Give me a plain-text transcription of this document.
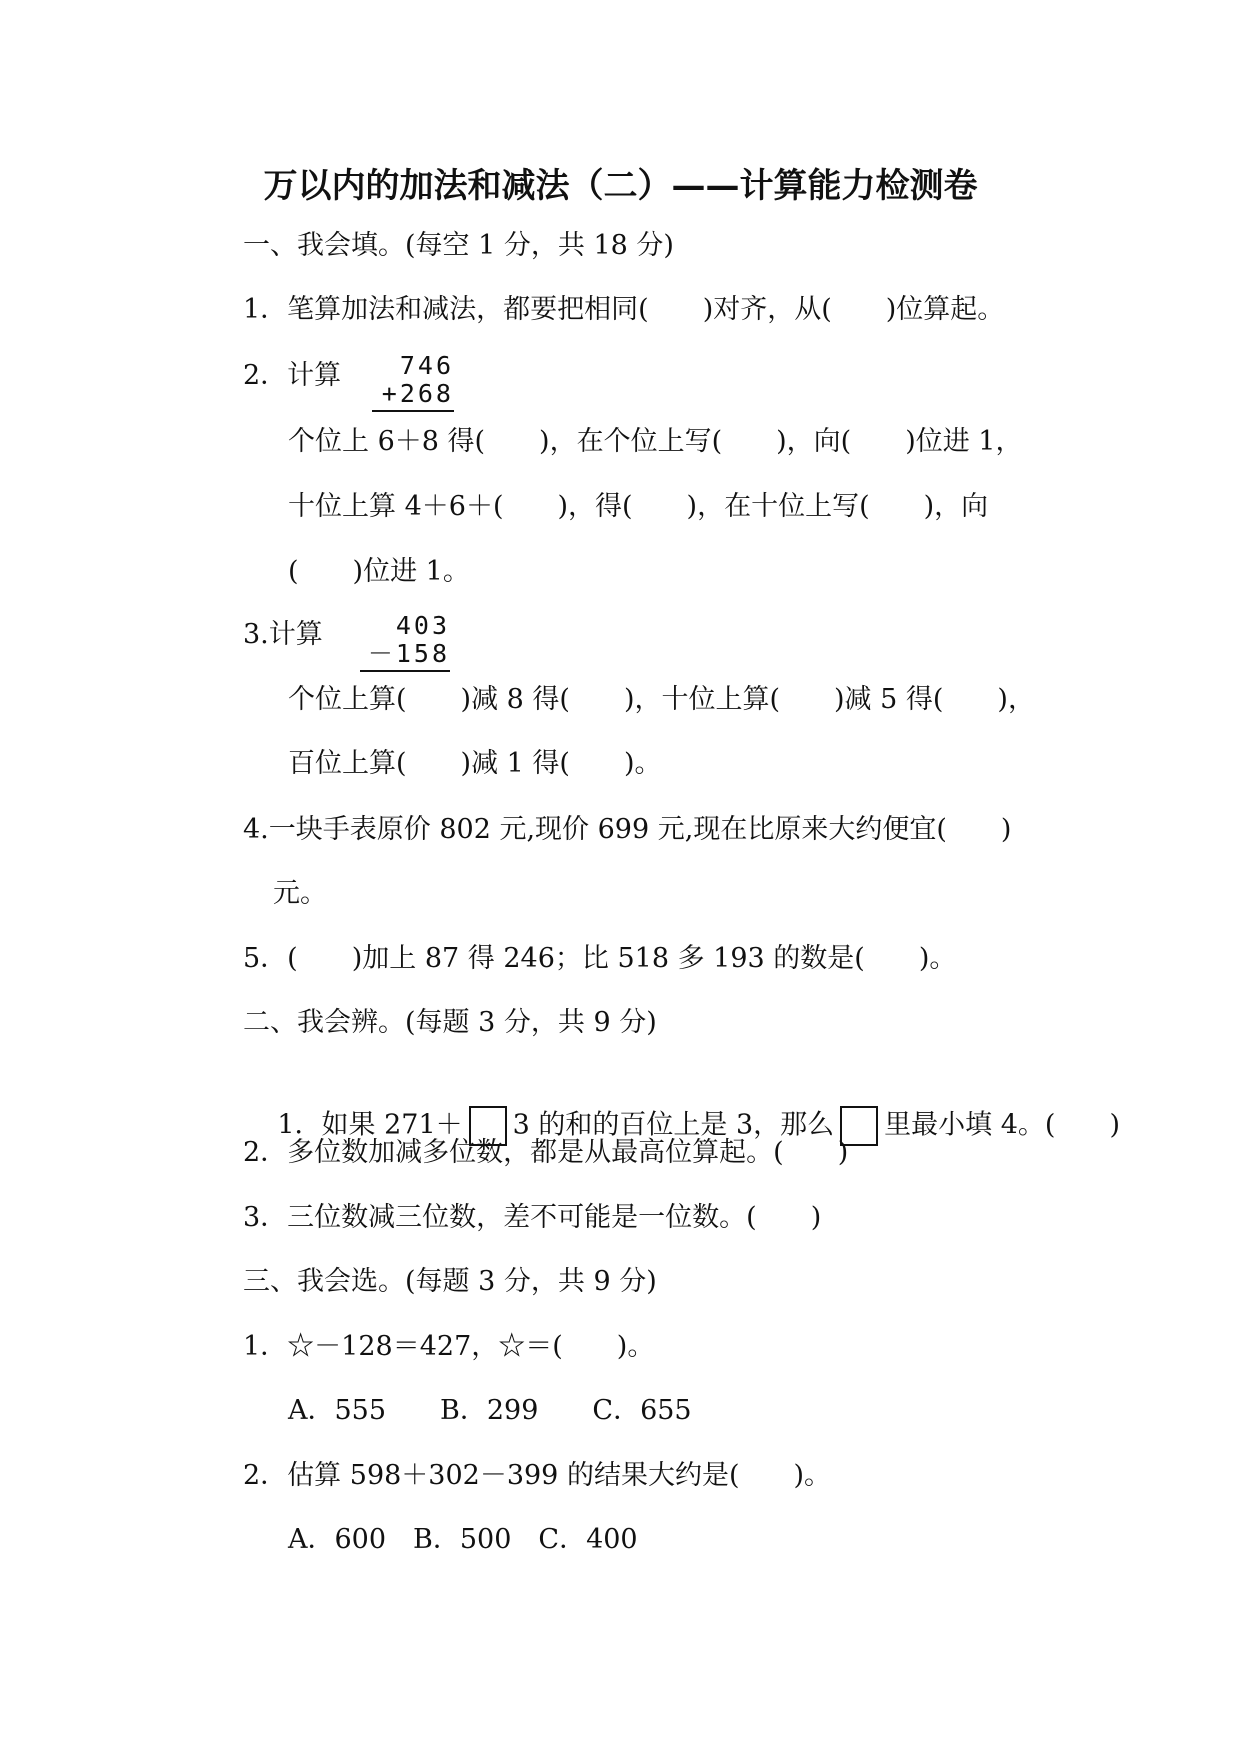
万以内的加法和减法（二）——计算能力检测卷
一、我会填。(每空 1 分，共 18 分)
1．笔算加法和减法，都要把相同(　　)对齐，从(　　)位算起。
2．计算	746
+268
个位上 6＋8 得(　　)，在个位上写(　　)，向(　　)位进 1，
十位上算 4＋6＋(　　)，得(　　)，在十位上写(　　)，向
(　　)位进 1。
3.计算	403
－158
个位上算(　　)减 8 得(　　)，十位上算(　　)减 5 得(　　)，
百位上算(　　)减 1 得(　　)。
4.一块手表原价 802 元,现价 699 元,现在比原来大约便宜(　　)
元。
5．(　　)加上 87 得 246；比 518 多 193 的数是(　　)。
二、我会辨。(每题 3 分，共 9 分)

1．如果 271＋ 3 的和的百位上是 3，那么 里最小填 4。(　　)

2．多位数加减多位数，都是从最高位算起。(　　)
3．三位数减三位数，差不可能是一位数。(　　)
三、我会选。(每题 3 分，共 9 分)
1．☆－128＝427，☆＝(　　)。
A．555　　B．299　　C．655
2．估算 598＋302－399 的结果大约是(　　)。
A．600　B．500　C．400
